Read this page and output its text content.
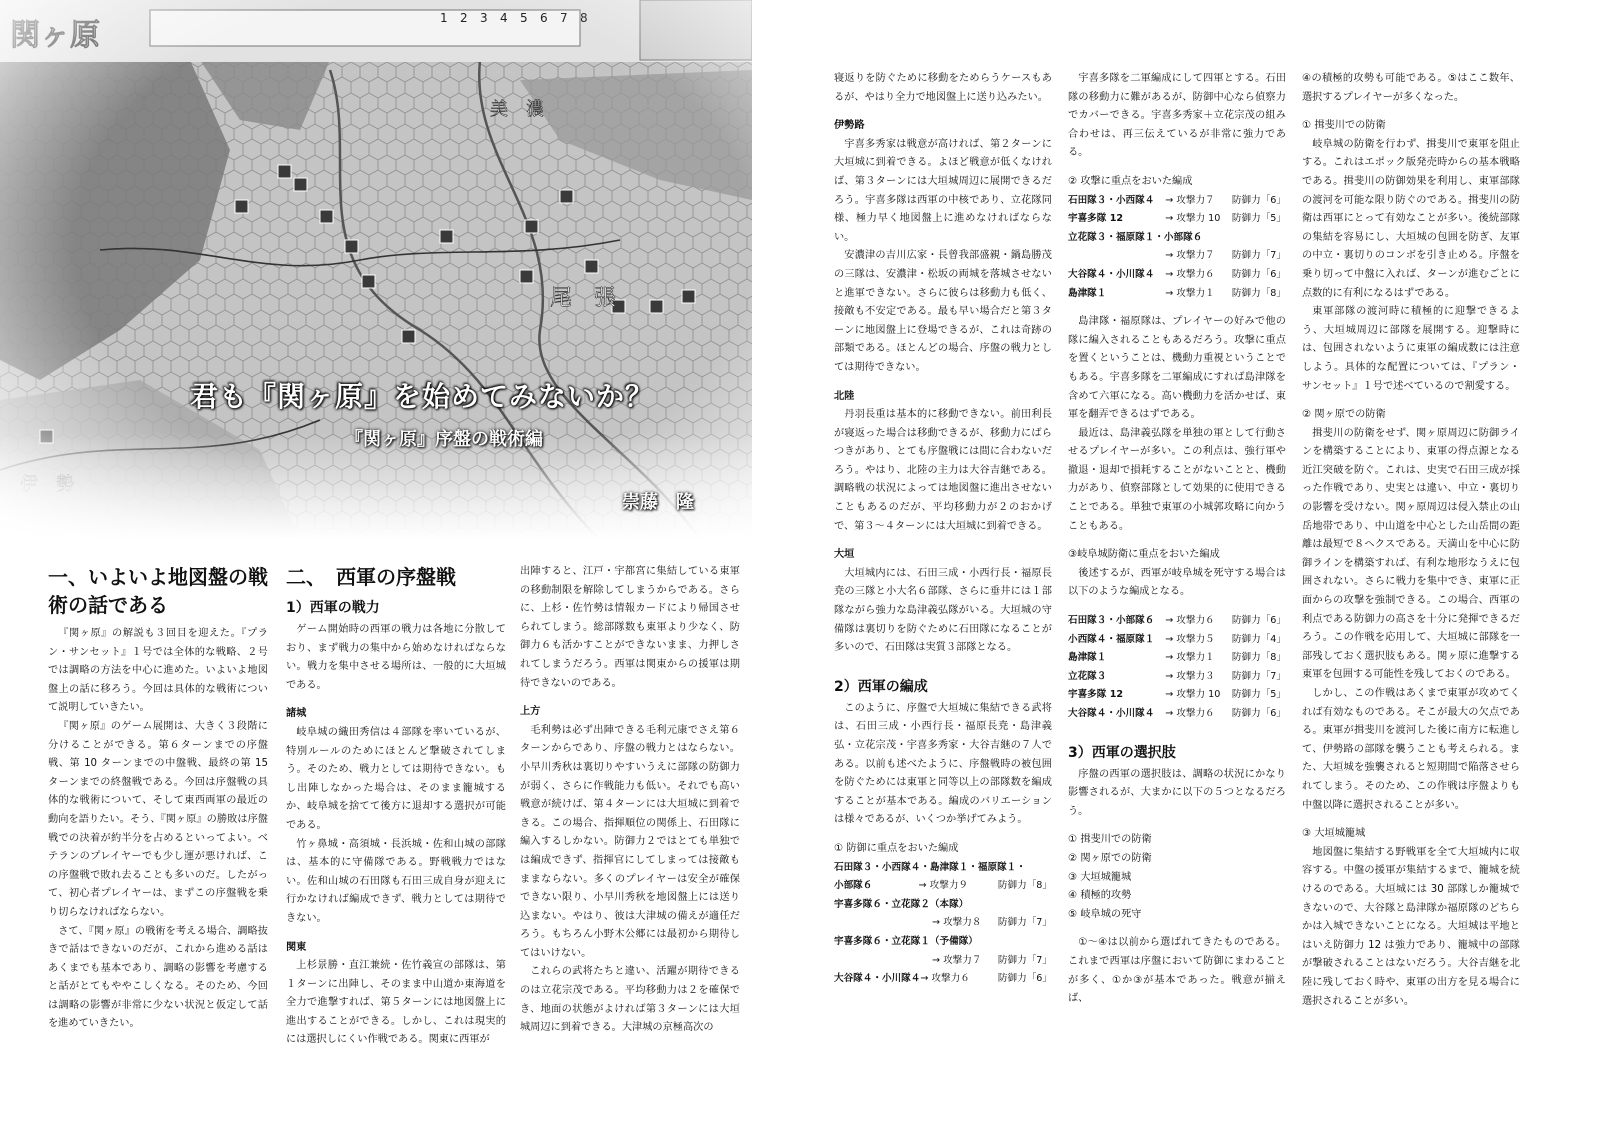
君も『関ヶ原』を始めてみないか？
『関ヶ原』序盤の戦術編
崇藤　隆
一、いよいよ地図盤の戦術の話である

『関ヶ原』の解説も３回目を迎えた。『プラン・サンセット』１号では全体的な戦略、２号では調略の方法を中心に進めた。いよいよ地図盤上の話に移ろう。今回は具体的な戦術について説明していきたい。

『関ヶ原』のゲーム展開は、大きく３段階に分けることができる。第６ターンまでの序盤戦、第 10 ターンまでの中盤戦、最終の第 15 ターンまでの終盤戦である。今回は序盤戦の具体的な戦術について、そして東西両軍の最近の動向を語りたい。そう、『関ヶ原』の勝敗は序盤戦での決着が約半分を占めるといってよい。ベテランのプレイヤーでも少し運が悪ければ、この序盤戦で敗れ去ることも多いのだ。したがって、初心者プレイヤーは、まずこの序盤戦を乗り切らなければならない。

さて、『関ヶ原』の戦術を考える場合、調略抜きで話はできないのだが、これから進める話はあくまでも基本であり、調略の影響を考慮すると話がとてもややこしくなる。そのため、今回は調略の影響が非常に少ない状況と仮定して話を進めていきたい。

二、　西軍の序盤戦
1）西軍の戦力

ゲーム開始時の西軍の戦力は各地に分散しており、まず戦力の集中から始めなければならない。戦力を集中させる場所は、一般的に大垣城である。

諸城

岐阜城の織田秀信は４部隊を率いているが、特別ルールのためにほとんど撃破されてしまう。そのため、戦力としては期待できない。もし出陣しなかった場合は、そのまま籠城するか、岐阜城を捨てて後方に退却する選択が可能である。

竹ヶ鼻城・高須城・長浜城・佐和山城の部隊は、基本的に守備隊である。野戦戦力ではない。佐和山城の石田隊も石田三成自身が迎えに行かなければ編成できず、戦力としては期待できない。

関東

上杉景勝・直江兼続・佐竹義宣の部隊は、第１ターンに出陣し、そのまま中山道か東海道を全力で進撃すれば、第５ターンには地図盤上に進出することができる。しかし、これは現実的には選択しにくい作戦である。関東に西軍が

出陣すると、江戸・宇都宮に集結している東軍の移動制限を解除してしまうからである。さらに、上杉・佐竹勢は情報カードにより帰国させられてしまう。総部隊数も東軍より少なく、防御力６も活かすことができないまま、力押しされてしまうだろう。西軍は関東からの援軍は期待できないのである。

上方

毛利勢は必ず出陣できる毛利元康でさえ第６ターンからであり、序盤の戦力とはならない。小早川秀秋は裏切りやすいうえに部隊の防御力が弱く、さらに作戦能力も低い。それでも高い戦意が続けば、第４ターンには大垣城に到着できる。この場合、指揮順位の関係上、石田隊に編入するしかない。防御力２ではとても単独では編成できず、指揮官にしてしまっては接敵もままならない。多くのプレイヤーは安全が確保できない限り、小早川秀秋を地図盤上には送り込まない。やはり、彼は大津城の備えが適任だろう。もちろん小野木公郷には最初から期待してはいけない。

これらの武将たちと違い、活躍が期待できるのは立花宗茂である。平均移動力は２を確保でき、地面の状態がよければ第３ターンには大垣城周辺に到着できる。大津城の京極高次の

寝返りを防ぐために移動をためらうケースもあるが、やはり全力で地図盤上に送り込みたい。

伊勢路

宇喜多秀家は戦意が高ければ、第２ターンに大垣城に到着できる。よほど戦意が低くなければ、第３ターンには大垣城周辺に展開できるだろう。宇喜多隊は西軍の中核であり、立花隊同様、極力早く地図盤上に進めなければならない。

安濃津の吉川広家・長曾我部盛親・鍋島勝茂の三隊は、安濃津・松坂の両城を落城させないと進軍できない。さらに彼らは移動力も低く、接敵も不安定である。最も早い場合だと第３ターンに地図盤上に登場できるが、これは奇跡の部類である。ほとんどの場合、序盤の戦力としては期待できない。

北陸

丹羽長重は基本的に移動できない。前田利長が寝返った場合は移動できるが、移動力にばらつきがあり、とても序盤戦には間に合わないだろう。やはり、北陸の主力は大谷吉継である。調略戦の状況によっては地図盤に進出させないこともあるのだが、平均移動力が２のおかげで、第３～４ターンには大垣城に到着できる。

大垣

大垣城内には、石田三成・小西行長・福原長尭の三隊と小大名６部隊、さらに垂井には１部隊ながら強力な島津義弘隊がいる。大垣城の守備隊は裏切りを防ぐために石田隊になることが多いので、石田隊は実質３部隊となる。

2）西軍の編成

このように、序盤で大垣城に集結できる武将は、石田三成・小西行長・福原長尭・島津義弘・立花宗茂・宇喜多秀家・大谷吉継の７人である。以前も述べたように、序盤戦時の被包囲を防ぐためには東軍と同等以上の部隊数を編成することが基本である。編成のバリエーションは様々であるが、いくつか挙げてみよう。

① 防御に重点をおいた編成

石田隊３・小西隊４・島津隊１・福原隊１・
小部隊６	→ 攻撃力９	防御力「8」
宇喜多隊６・立花隊２（本隊）
→ 攻撃力８	防御力「7」
宇喜多隊６・立花隊１（予備隊）
→ 攻撃力７	防御力「7」
大谷隊４・小川隊４ → 攻撃力６	防御力「6」

宇喜多隊を二軍編成にして四軍とする。石田隊の移動力に難があるが、防御中心なら偵察力でカバーできる。宇喜多秀家＋立花宗茂の組み合わせは、再三伝えているが非常に強力である。

② 攻撃に重点をおいた編成

石田隊３・小西隊４	→ 攻撃力７	防御力「6」
宇喜多隊 12	→ 攻撃力 10	防御力「5」
立花隊３・福原隊１・小部隊６
→ 攻撃力７	防御力「7」
大谷隊４・小川隊４	→ 攻撃力６	防御力「6」
島津隊１	→ 攻撃力１	防御力「8」

島津隊・福原隊は、プレイヤーの好みで他の隊に編入されることもあるだろう。攻撃に重点を置くということは、機動力重視ということでもある。宇喜多隊を二軍編成にすれば島津隊を含めて六軍になる。高い機動力を活かせば、東軍を翻弄できるはずである。

最近は、島津義弘隊を単独の軍として行動させるプレイヤーが多い。この利点は、強行軍や撤退・退却で損耗することがないことと、機動力があり、偵察部隊として効果的に使用できることである。単独で東軍の小城郭攻略に向かうこともある。

③岐阜城防衛に重点をおいた編成

後述するが、西軍が岐阜城を死守する場合は以下のような編成となる。

石田隊３・小部隊６	→ 攻撃力６	防御力「6」
小西隊４・福原隊１	→ 攻撃力５	防御力「4」
島津隊１	→ 攻撃力１	防御力「8」
立花隊３	→ 攻撃力３	防御力「7」
宇喜多隊 12	→ 攻撃力 10	防御力「5」
大谷隊４・小川隊４	→ 攻撃力６	防御力「6」
3）西軍の選択肢

序盤の西軍の選択肢は、調略の状況にかなり影響されるが、大まかに以下の５つとなるだろう。

① 揖斐川での防衛

② 関ヶ原での防衛

③ 大垣城籠城

④ 積極的攻勢

⑤ 岐阜城の死守

①～④は以前から選ばれてきたものである。これまで西軍は序盤において防御にまわることが多く、①か③が基本であった。戦意が揃えば、

④の積極的攻勢も可能である。⑤はここ数年、選択するプレイヤーが多くなった。

① 揖斐川での防衛

岐阜城の防衛を行わず、揖斐川で東軍を阻止する。これはエポック版発売時からの基本戦略である。揖斐川の防御効果を利用し、東軍部隊の渡河を可能な限り防ぐのである。揖斐川の防衛は西軍にとって有効なことが多い。後続部隊の集結を容易にし、大垣城の包囲を防ぎ、友軍の中立・裏切りのコンボを引き止める。序盤を乗り切って中盤に入れば、ターンが進むごとに点数的に有利になるはずである。

東軍部隊の渡河時に積極的に迎撃できるよう、大垣城周辺に部隊を展開する。迎撃時には、包囲されないように東軍の編成数には注意しよう。具体的な配置については、『プラン・サンセット』１号で述べているので割愛する。

② 関ヶ原での防衛

揖斐川の防衛をせず、関ヶ原周辺に防御ラインを構築することにより、東軍の得点源となる近江突破を防ぐ。これは、史実で石田三成が採った作戦であり、史実とは違い、中立・裏切りの影響を受けない。関ヶ原周辺は侵入禁止の山岳地帯であり、中山道を中心とした山岳間の距離は最短で８ヘクスである。天満山を中心に防御ラインを構築すれば、有利な地形なうえに包囲されない。さらに戦力を集中でき、東軍に正面からの攻撃を強制できる。この場合、西軍の利点である防御力の高さを十分に発揮できるだろう。この作戦を応用して、大垣城に部隊を一部残しておく選択肢もある。関ヶ原に進撃する東軍を包囲する可能性を残しておくのである。

しかし、この作戦はあくまで東軍が攻めてくれば有効なものである。そこが最大の欠点である。東軍が揖斐川を渡河した後に南方に転進して、伊勢路の部隊を襲うことも考えられる。また、大垣城を強襲されると短期間で陥落させられてしまう。そのため、この作戦は序盤よりも中盤以降に選択されることが多い。

③ 大垣城籠城

地図盤に集結する野戦軍を全て大垣城内に収容する。中盤の援軍が集結するまで、籠城を続けるのである。大垣城には 30 部隊しか籠城できないので、大谷隊と島津隊か福原隊のどちらかは入城できないことになる。大垣城は平地とはいえ防御力 12 は強力であり、籠城中の部隊が撃破されることはないだろう。大谷吉継を北陸に残しておく時や、東軍の出方を見る場合に選択されることが多い。
